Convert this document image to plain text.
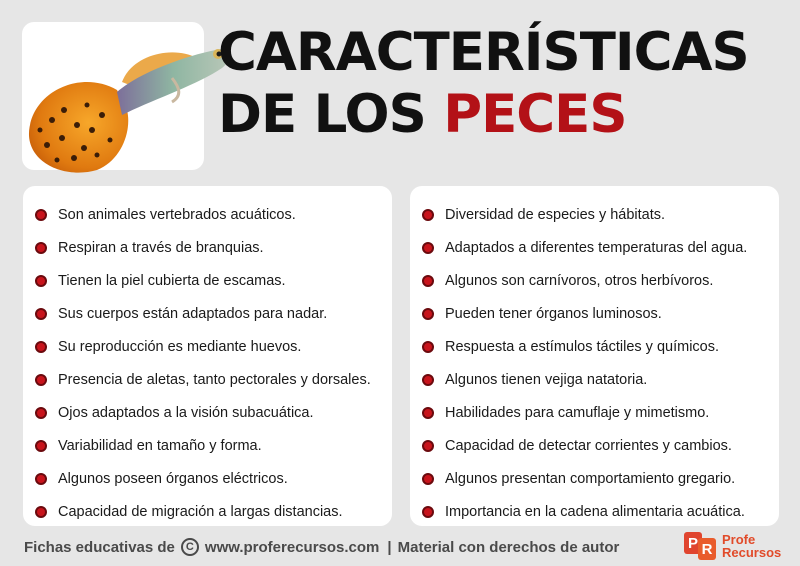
CARACTERÍSTICAS
DE LOS PECES
Son animales vertebrados acuáticos.
Respiran a través de branquias.
Tienen la piel cubierta de escamas.
Sus cuerpos están adaptados para nadar.
Su reproducción es mediante huevos.
Presencia de aletas, tanto pectorales y dorsales.
Ojos adaptados a la visión subacuática.
Variabilidad en tamaño y forma.
Algunos poseen órganos eléctricos.
Capacidad de migración a largas distancias.
Diversidad de especies y hábitats.
Adaptados a diferentes temperaturas del agua.
Algunos son carnívoros, otros herbívoros.
Pueden tener órganos luminosos.
Respuesta a estímulos táctiles y químicos.
Algunos tienen vejiga natatoria.
Habilidades para camuflaje y mimetismo.
Capacidad de detectar corrientes y cambios.
Algunos presentan comportamiento gregario.
Importancia en la cadena alimentaria acuática.
Fichas educativas de	C www.proferecursos.com | Material con derechos de autor	P R
Profe
Recursos
